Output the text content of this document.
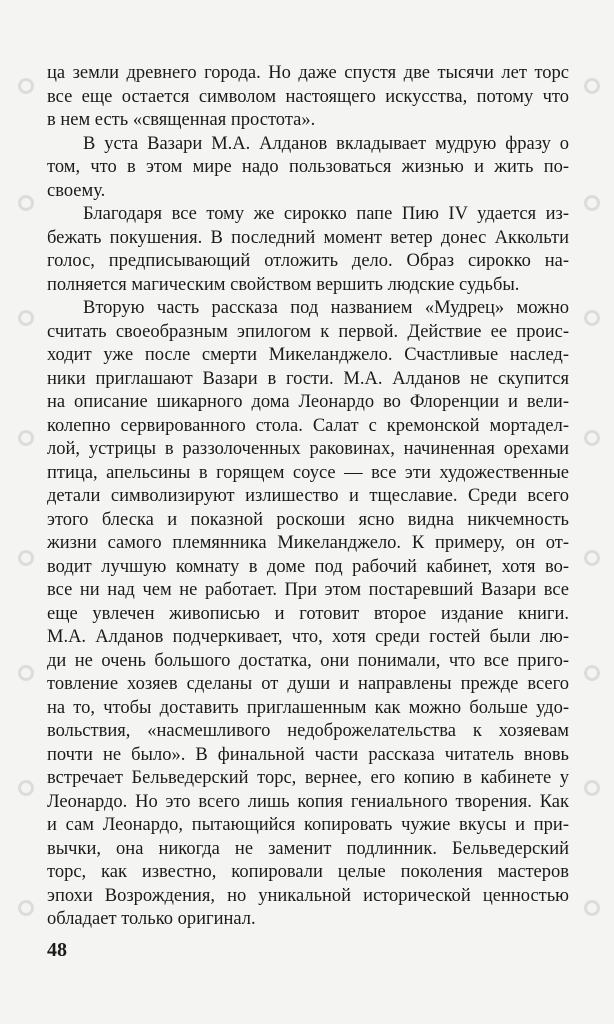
ца земли древнего города. Но даже спустя две тысячи лет торс
все еще остается символом настоящего искусства, потому что
в нем есть «священная простота».
В уста Вазари М.А. Алданов вкладывает мудрую фразу о
том, что в этом мире надо пользоваться жизнью и жить по-
своему.
Благодаря все тому же сирокко папе Пию IV удается из-
бежать покушения. В последний момент ветер донес Аккольти
голос, предписывающий отложить дело. Образ сирокко на-
полняется магическим свойством вершить людские судьбы.
Вторую часть рассказа под названием «Мудрец» можно
считать своеобразным эпилогом к первой. Действие ее проис-
ходит уже после смерти Микеланджело. Счастливые наслед-
ники приглашают Вазари в гости. М.А. Алданов не скупится
на описание шикарного дома Леонардо во Флоренции и вели-
колепно сервированного стола. Салат с кремонской мортадел-
лой, устрицы в раззолоченных раковинах, начиненная орехами
птица, апельсины в горящем соусе — все эти художественные
детали символизируют излишество и тщеславие. Среди всего
этого блеска и показной роскоши ясно видна никчемность
жизни самого племянника Микеланджело. К примеру, он от-
водит лучшую комнату в доме под рабочий кабинет, хотя во-
все ни над чем не работает. При этом постаревший Вазари все
еще увлечен живописью и готовит второе издание книги.
М.А. Алданов подчеркивает, что, хотя среди гостей были лю-
ди не очень большого достатка, они понимали, что все приго-
товление хозяев сделаны от души и направлены прежде всего
на то, чтобы доставить приглашенным как можно больше удо-
вольствия, «насмешливого недоброжелательства к хозяевам
почти не было». В финальной части рассказа читатель вновь
встречает Бельведерский торс, вернее, его копию в кабинете у
Леонардо. Но это всего лишь копия гениального творения. Как
и сам Леонардо, пытающийся копировать чужие вкусы и при-
вычки, она никогда не заменит подлинник. Бельведерский
торс, как известно, копировали целые поколения мастеров
эпохи Возрождения, но уникальной исторической ценностью
обладает только оригинал.
48
